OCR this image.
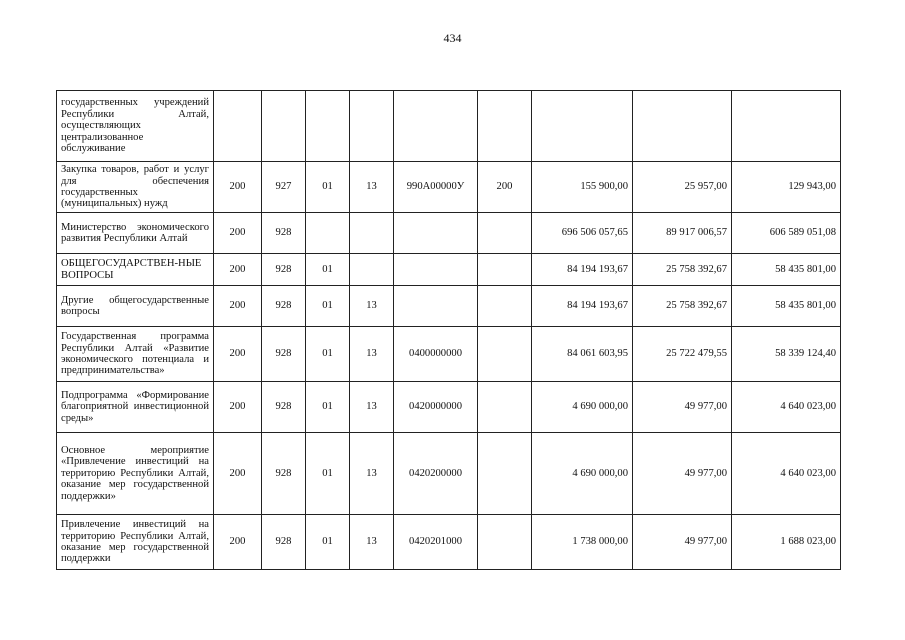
434
государственных учреждений Республики Алтай, осуществляющих централизованное обслуживание									
Закупка товаров, работ и услуг для обеспечения государственных (муниципальных) нужд	200	927	01	13	990А00000У	200	155 900,00	25 957,00	129 943,00
Министерство экономического развития Республики Алтай	200	928					696 506 057,65	89 917 006,57	606 589 051,08
ОБЩЕГОСУДАРСТВЕН-НЫЕ ВОПРОСЫ	200	928	01				84 194 193,67	25 758 392,67	58 435 801,00
Другие общегосударственные вопросы	200	928	01	13			84 194 193,67	25 758 392,67	58 435 801,00
Государственная программа Республики Алтай «Развитие экономического потенциала и предпринимательства»	200	928	01	13	0400000000		84 061 603,95	25 722 479,55	58 339 124,40
Подпрограмма «Формирование благоприятной инвестиционной среды»	200	928	01	13	0420000000		4 690 000,00	49 977,00	4 640 023,00
Основное мероприятие «Привлечение инвестиций на территорию Республики Алтай, оказание мер государственной поддержки»	200	928	01	13	0420200000		4 690 000,00	49 977,00	4 640 023,00
Привлечение инвестиций на территорию Республики Алтай, оказание мер государственной поддержки	200	928	01	13	0420201000		1 738 000,00	49 977,00	1 688 023,00
